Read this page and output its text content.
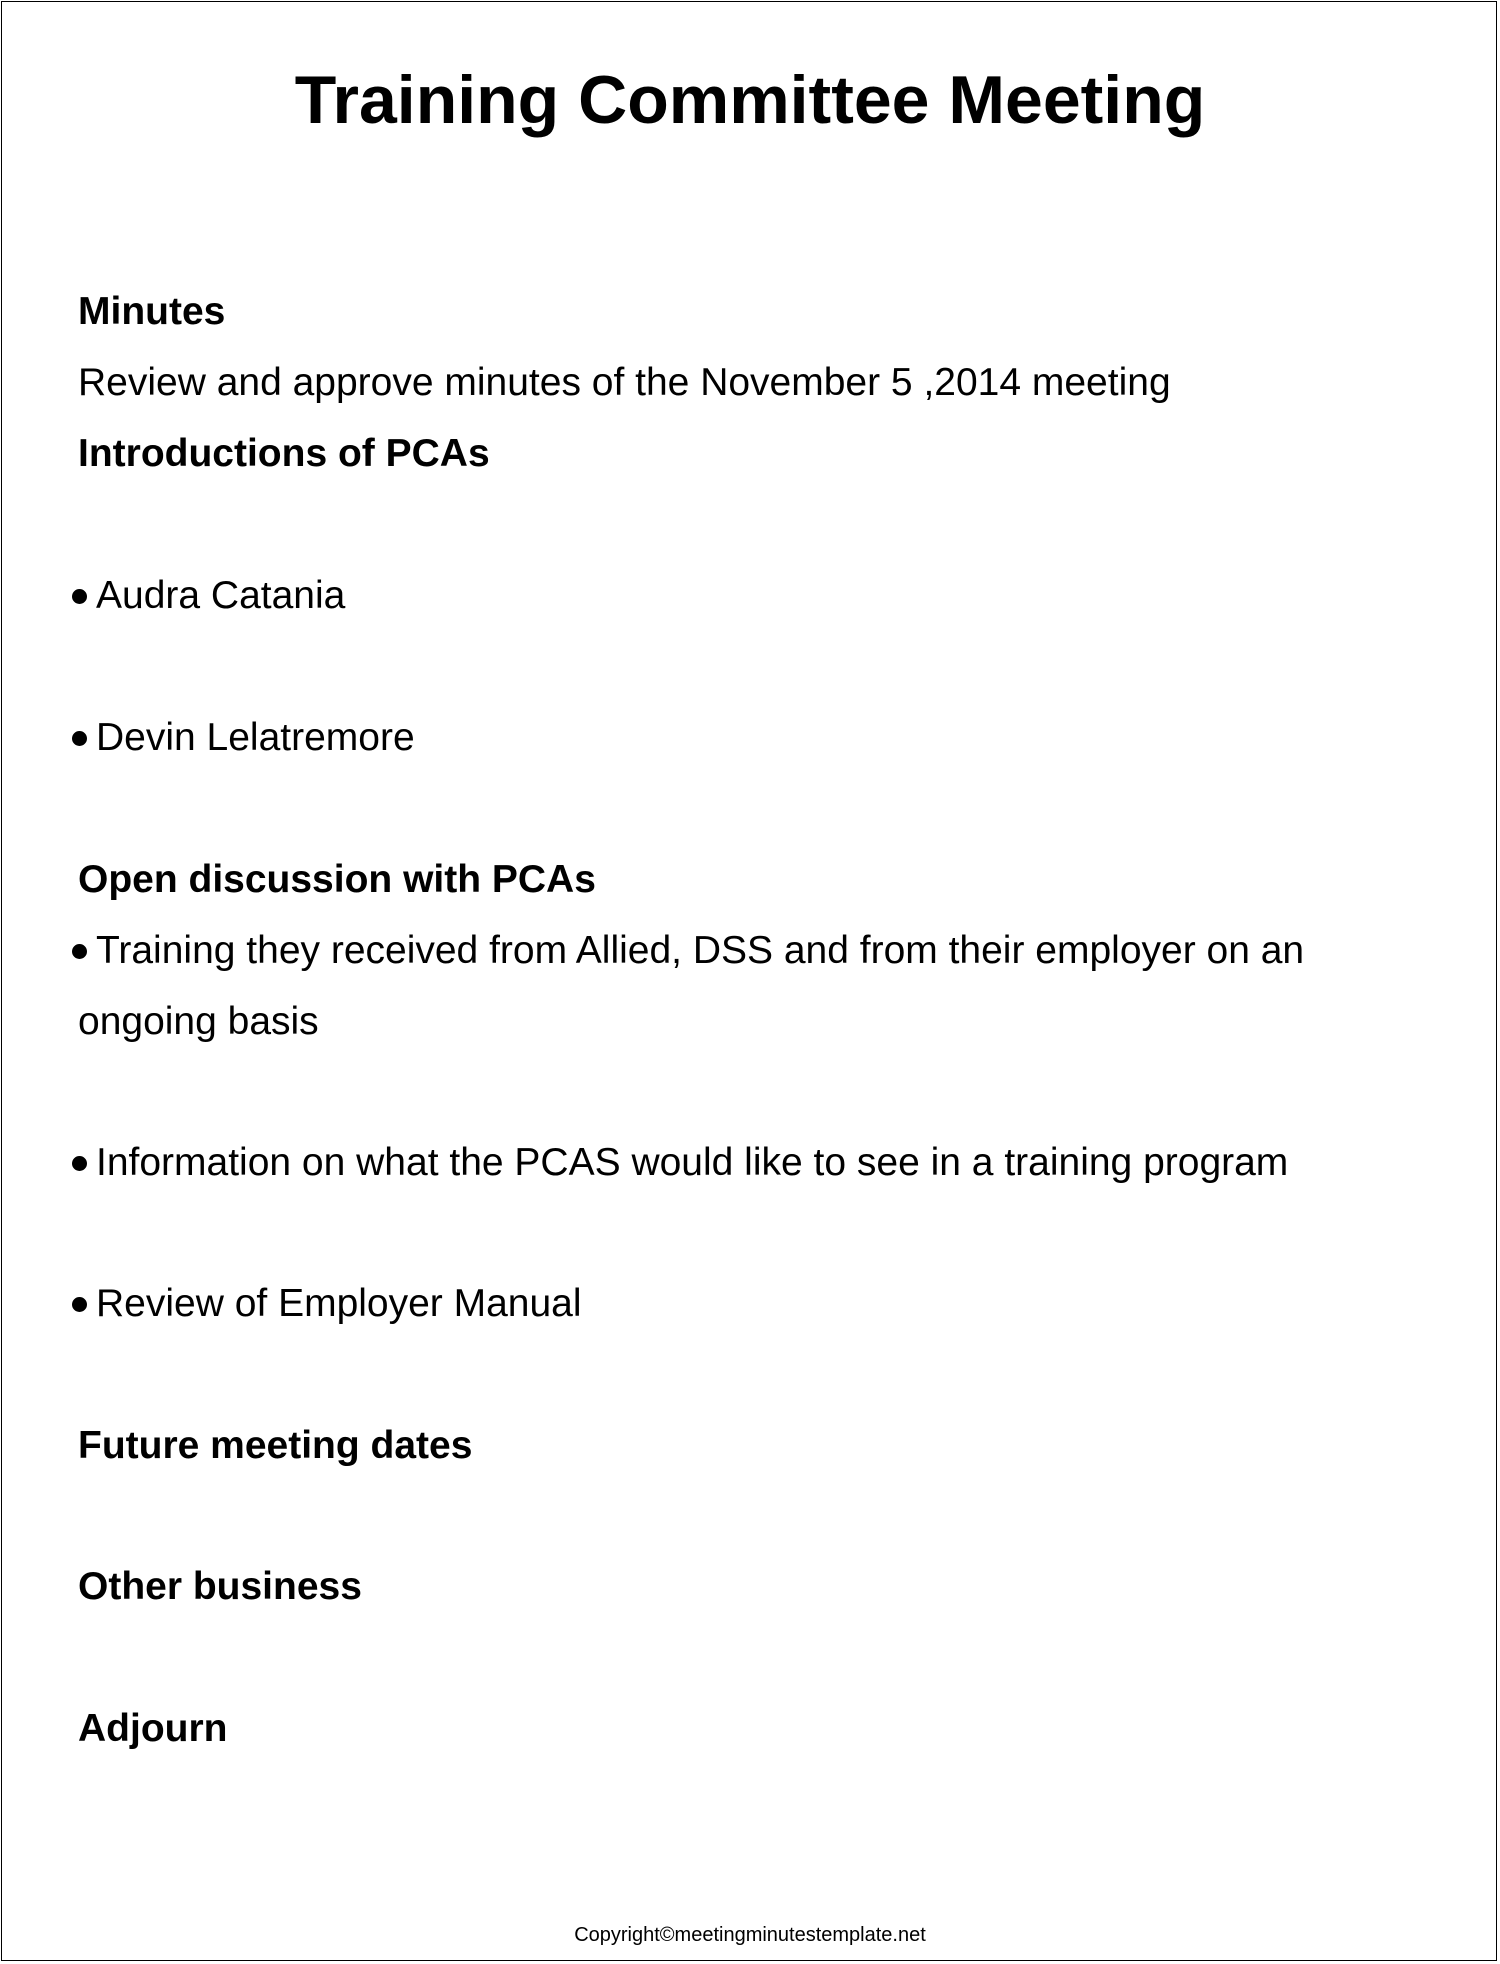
Training Committee Meeting

Minutes

Review and approve minutes of the November 5 ,2014 meeting

Introductions of PCAs

Audra Catania
Devin Lelatremore

Open discussion with PCAs

Training they received from Allied, DSS and from their employer on an

ongoing basis

Information on what the PCAS would like to see in a training program
Review of Employer Manual

Future meeting dates

Other business

Adjourn

Copyright©meetingminutestemplate.net
